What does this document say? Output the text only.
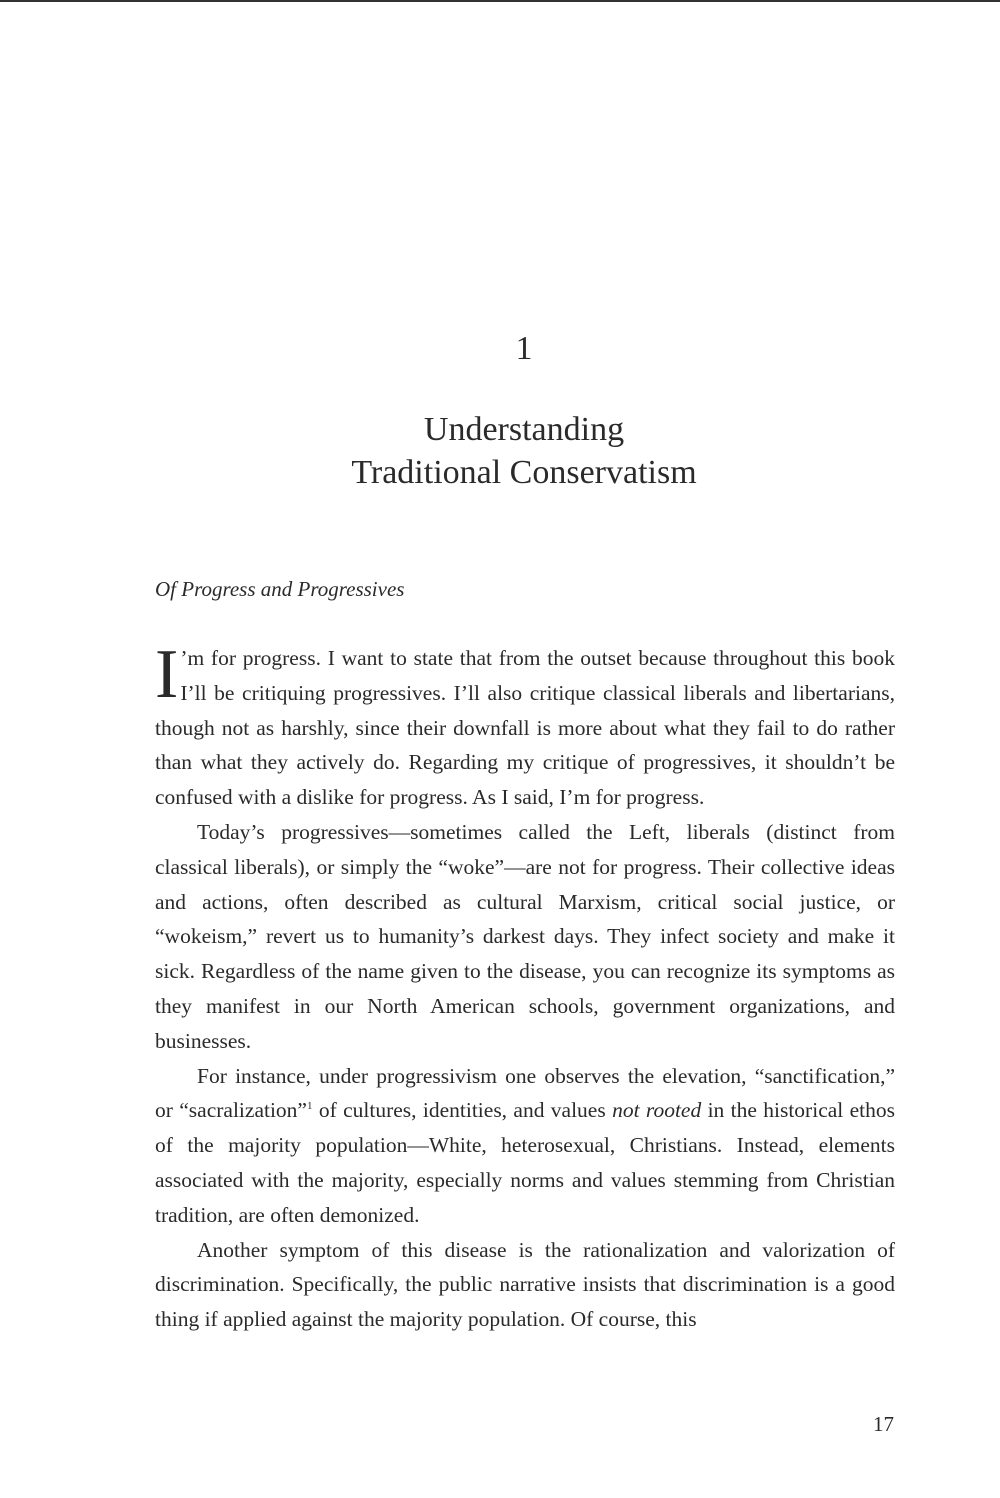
1
Understanding
Traditional Conservatism
Of Progress and Progressives

I ’m for progress. I want to state that from the outset because throughout this book I’ll be critiquing progressives. I’ll also critique classical liberals and libertarians, though not as harshly, since their downfall is more about what they fail to do rather than what they actively do. Regarding my critique of progressives, it shouldn’t be confused with a dislike for progress. As I said, I’m for progress.

Today’s progressives—sometimes called the Left, liberals (distinct from classical liberals), or simply the “woke”—are not for progress. Their collective ideas and actions, often described as cultural Marxism, critical social justice, or “wokeism,” revert us to humanity’s darkest days. They infect society and make it sick. Regardless of the name given to the disease, you can recognize its symptoms as they manifest in our North American schools, government organizations, and businesses.

For instance, under progressivism one observes the elevation, “sanctification,” or “sacralization”$^1$ of cultures, identities, and values not rooted in the historical ethos of the majority population—White, heterosexual, Christians. Instead, elements associated with the majority, especially norms and values stemming from Christian tradition, are often demonized.

Another symptom of this disease is the rationalization and valorization of discrimination. Specifically, the public narrative insists that discrimination is a good thing if applied against the majority population. Of course, this

17
